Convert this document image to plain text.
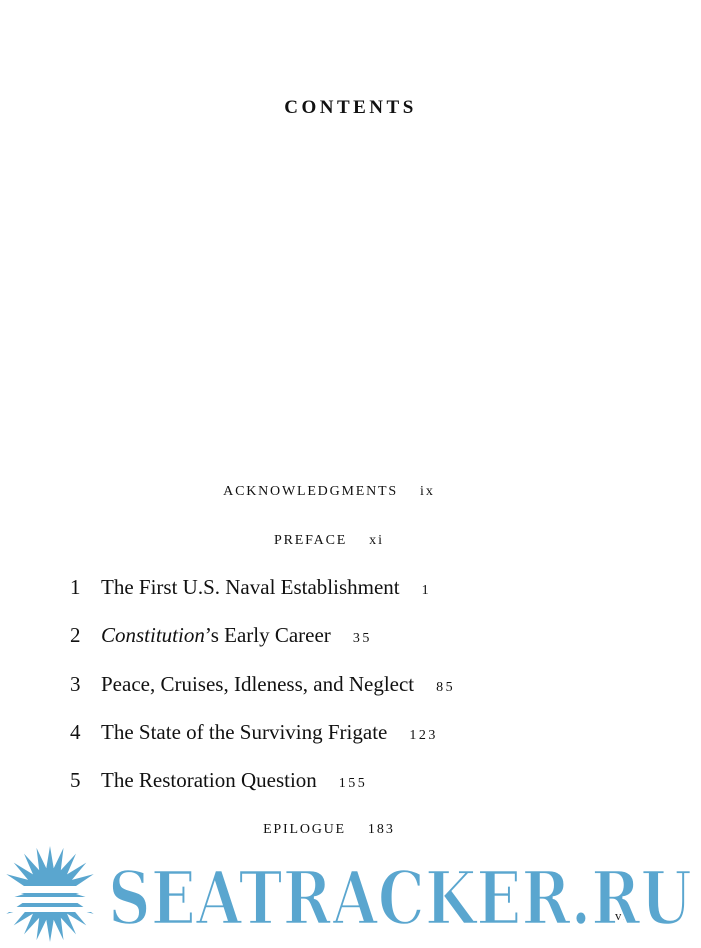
CONTENTS
ACKNOWLEDGMENTS ix
PREFACE xi
1 The First U.S. Naval Establishment 1
2 Constitution’s Early Career 35
3 Peace, Cruises, Idleness, and Neglect 85
4 The State of the Surviving Frigate 123
5 The Restoration Question 155
EPILOGUE 183
vii
SEATRACKER.RU
